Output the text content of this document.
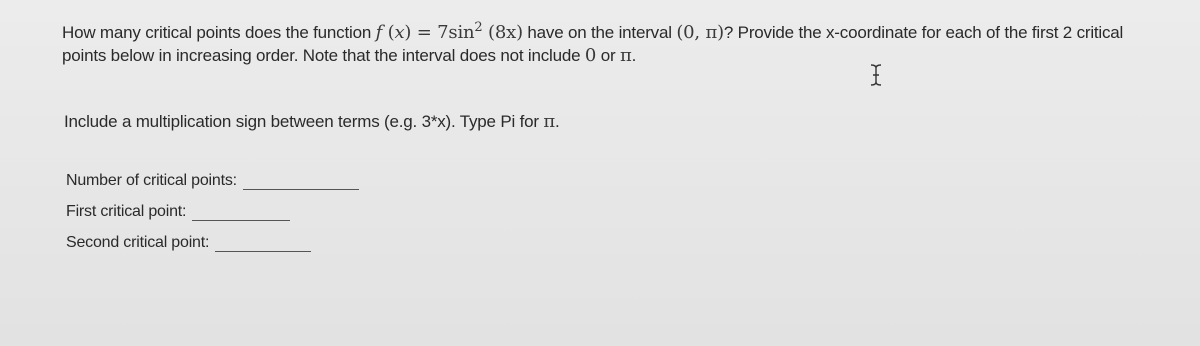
How many critical points does the function f $(x) = 7\sin^2$ (8x) have on the interval (0, π)? Provide the x-coordinate for each of the first 2 critical
points below in increasing order. Note that the interval does not include 0 or π.
Include a multiplication sign between terms (e.g. 3*x). Type Pi for π.
Number of critical points:
First critical point:
Second critical point:
